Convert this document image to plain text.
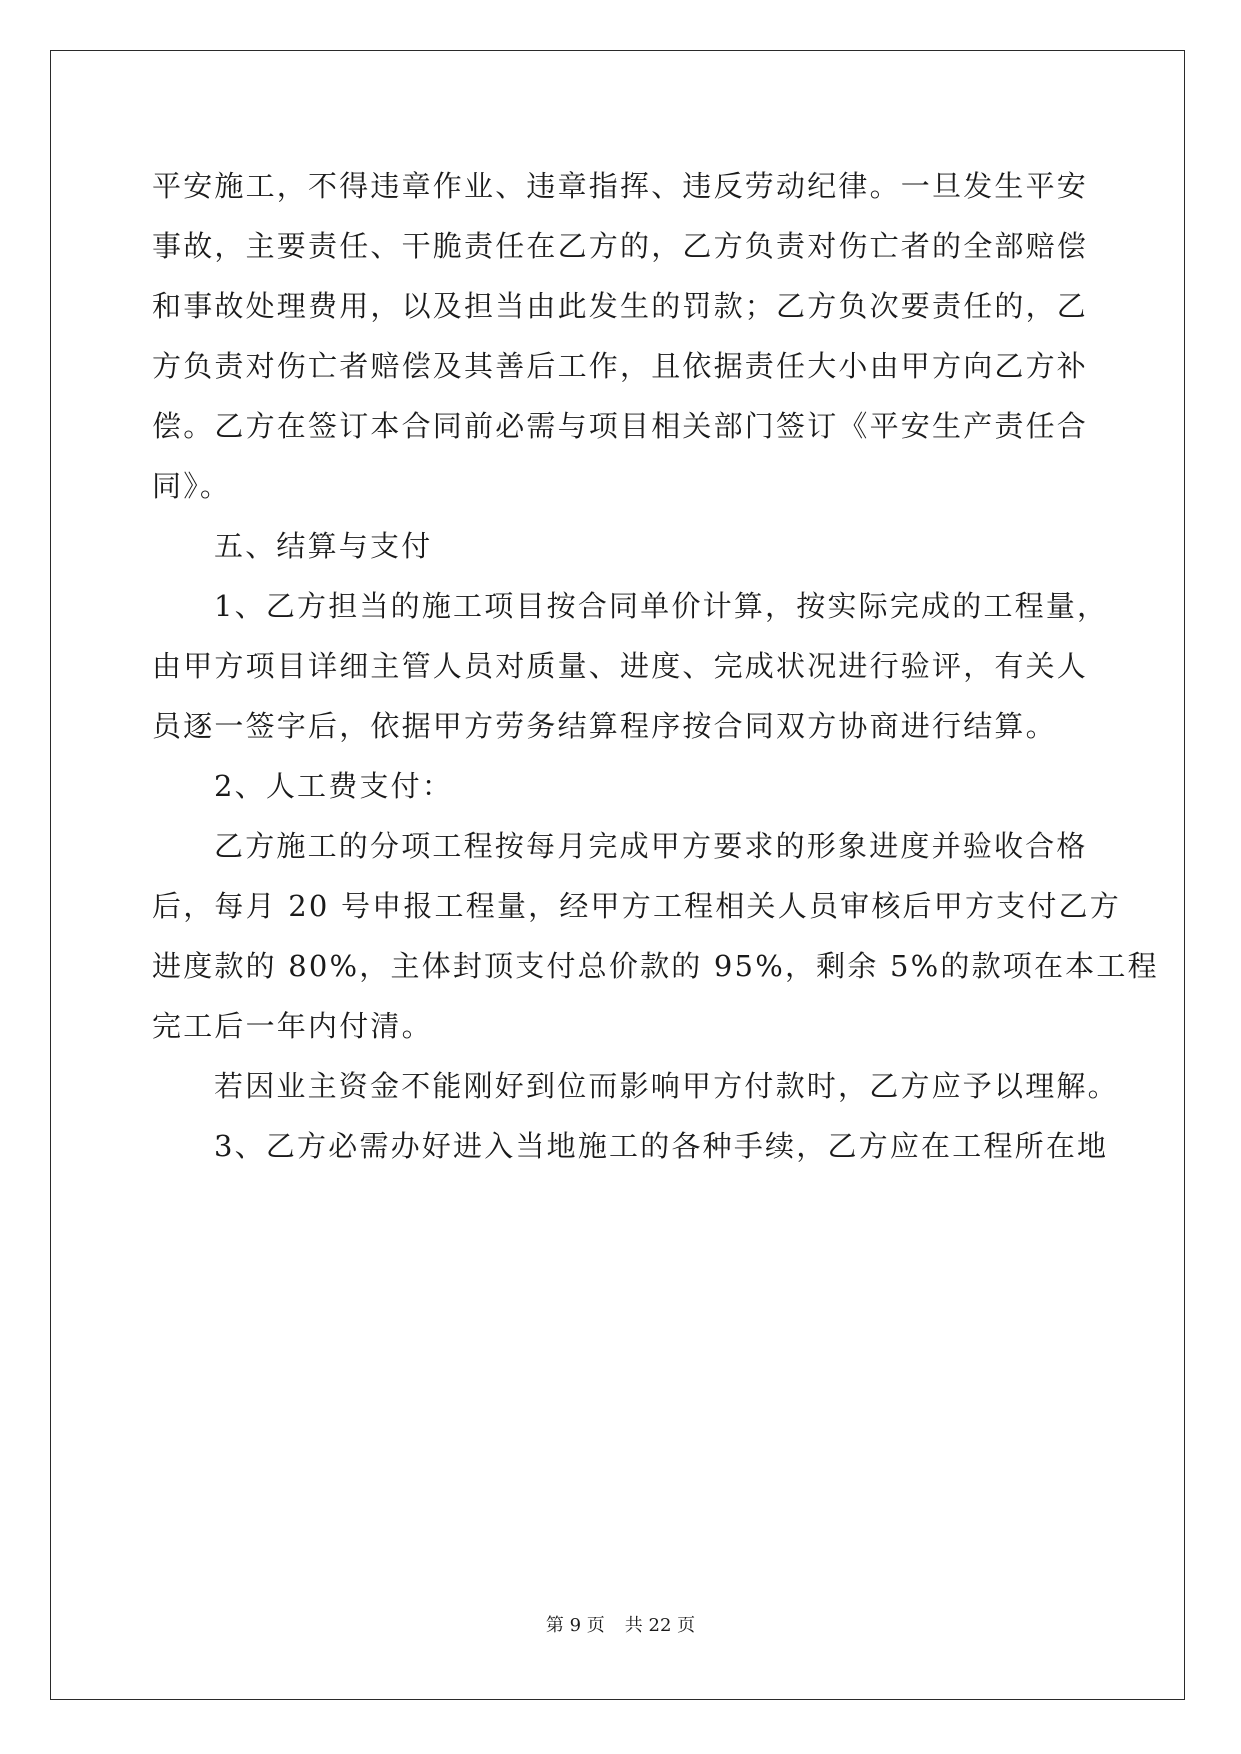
平安施工，不得违章作业、违章指挥、违反劳动纪律。一旦发生平安
事故，主要责任、干脆责任在乙方的，乙方负责对伤亡者的全部赔偿
和事故处理费用，以及担当由此发生的罚款；乙方负次要责任的，乙
方负责对伤亡者赔偿及其善后工作，且依据责任大小由甲方向乙方补
偿。乙方在签订本合同前必需与项目相关部门签订《平安生产责任合
同》。
五、结算与支付
1、乙方担当的施工项目按合同单价计算，按实际完成的工程量，
由甲方项目详细主管人员对质量、进度、完成状况进行验评，有关人
员逐一签字后，依据甲方劳务结算程序按合同双方协商进行结算。
2、人工费支付：
乙方施工的分项工程按每月完成甲方要求的形象进度并验收合格
后，每月 20 号申报工程量，经甲方工程相关人员审核后甲方支付乙方
进度款的 80%，主体封顶支付总价款的 95%，剩余 5%的款项在本工程
完工后一年内付清。
若因业主资金不能刚好到位而影响甲方付款时，乙方应予以理解。
3、乙方必需办好进入当地施工的各种手续，乙方应在工程所在地
第 9 页 共 22 页
